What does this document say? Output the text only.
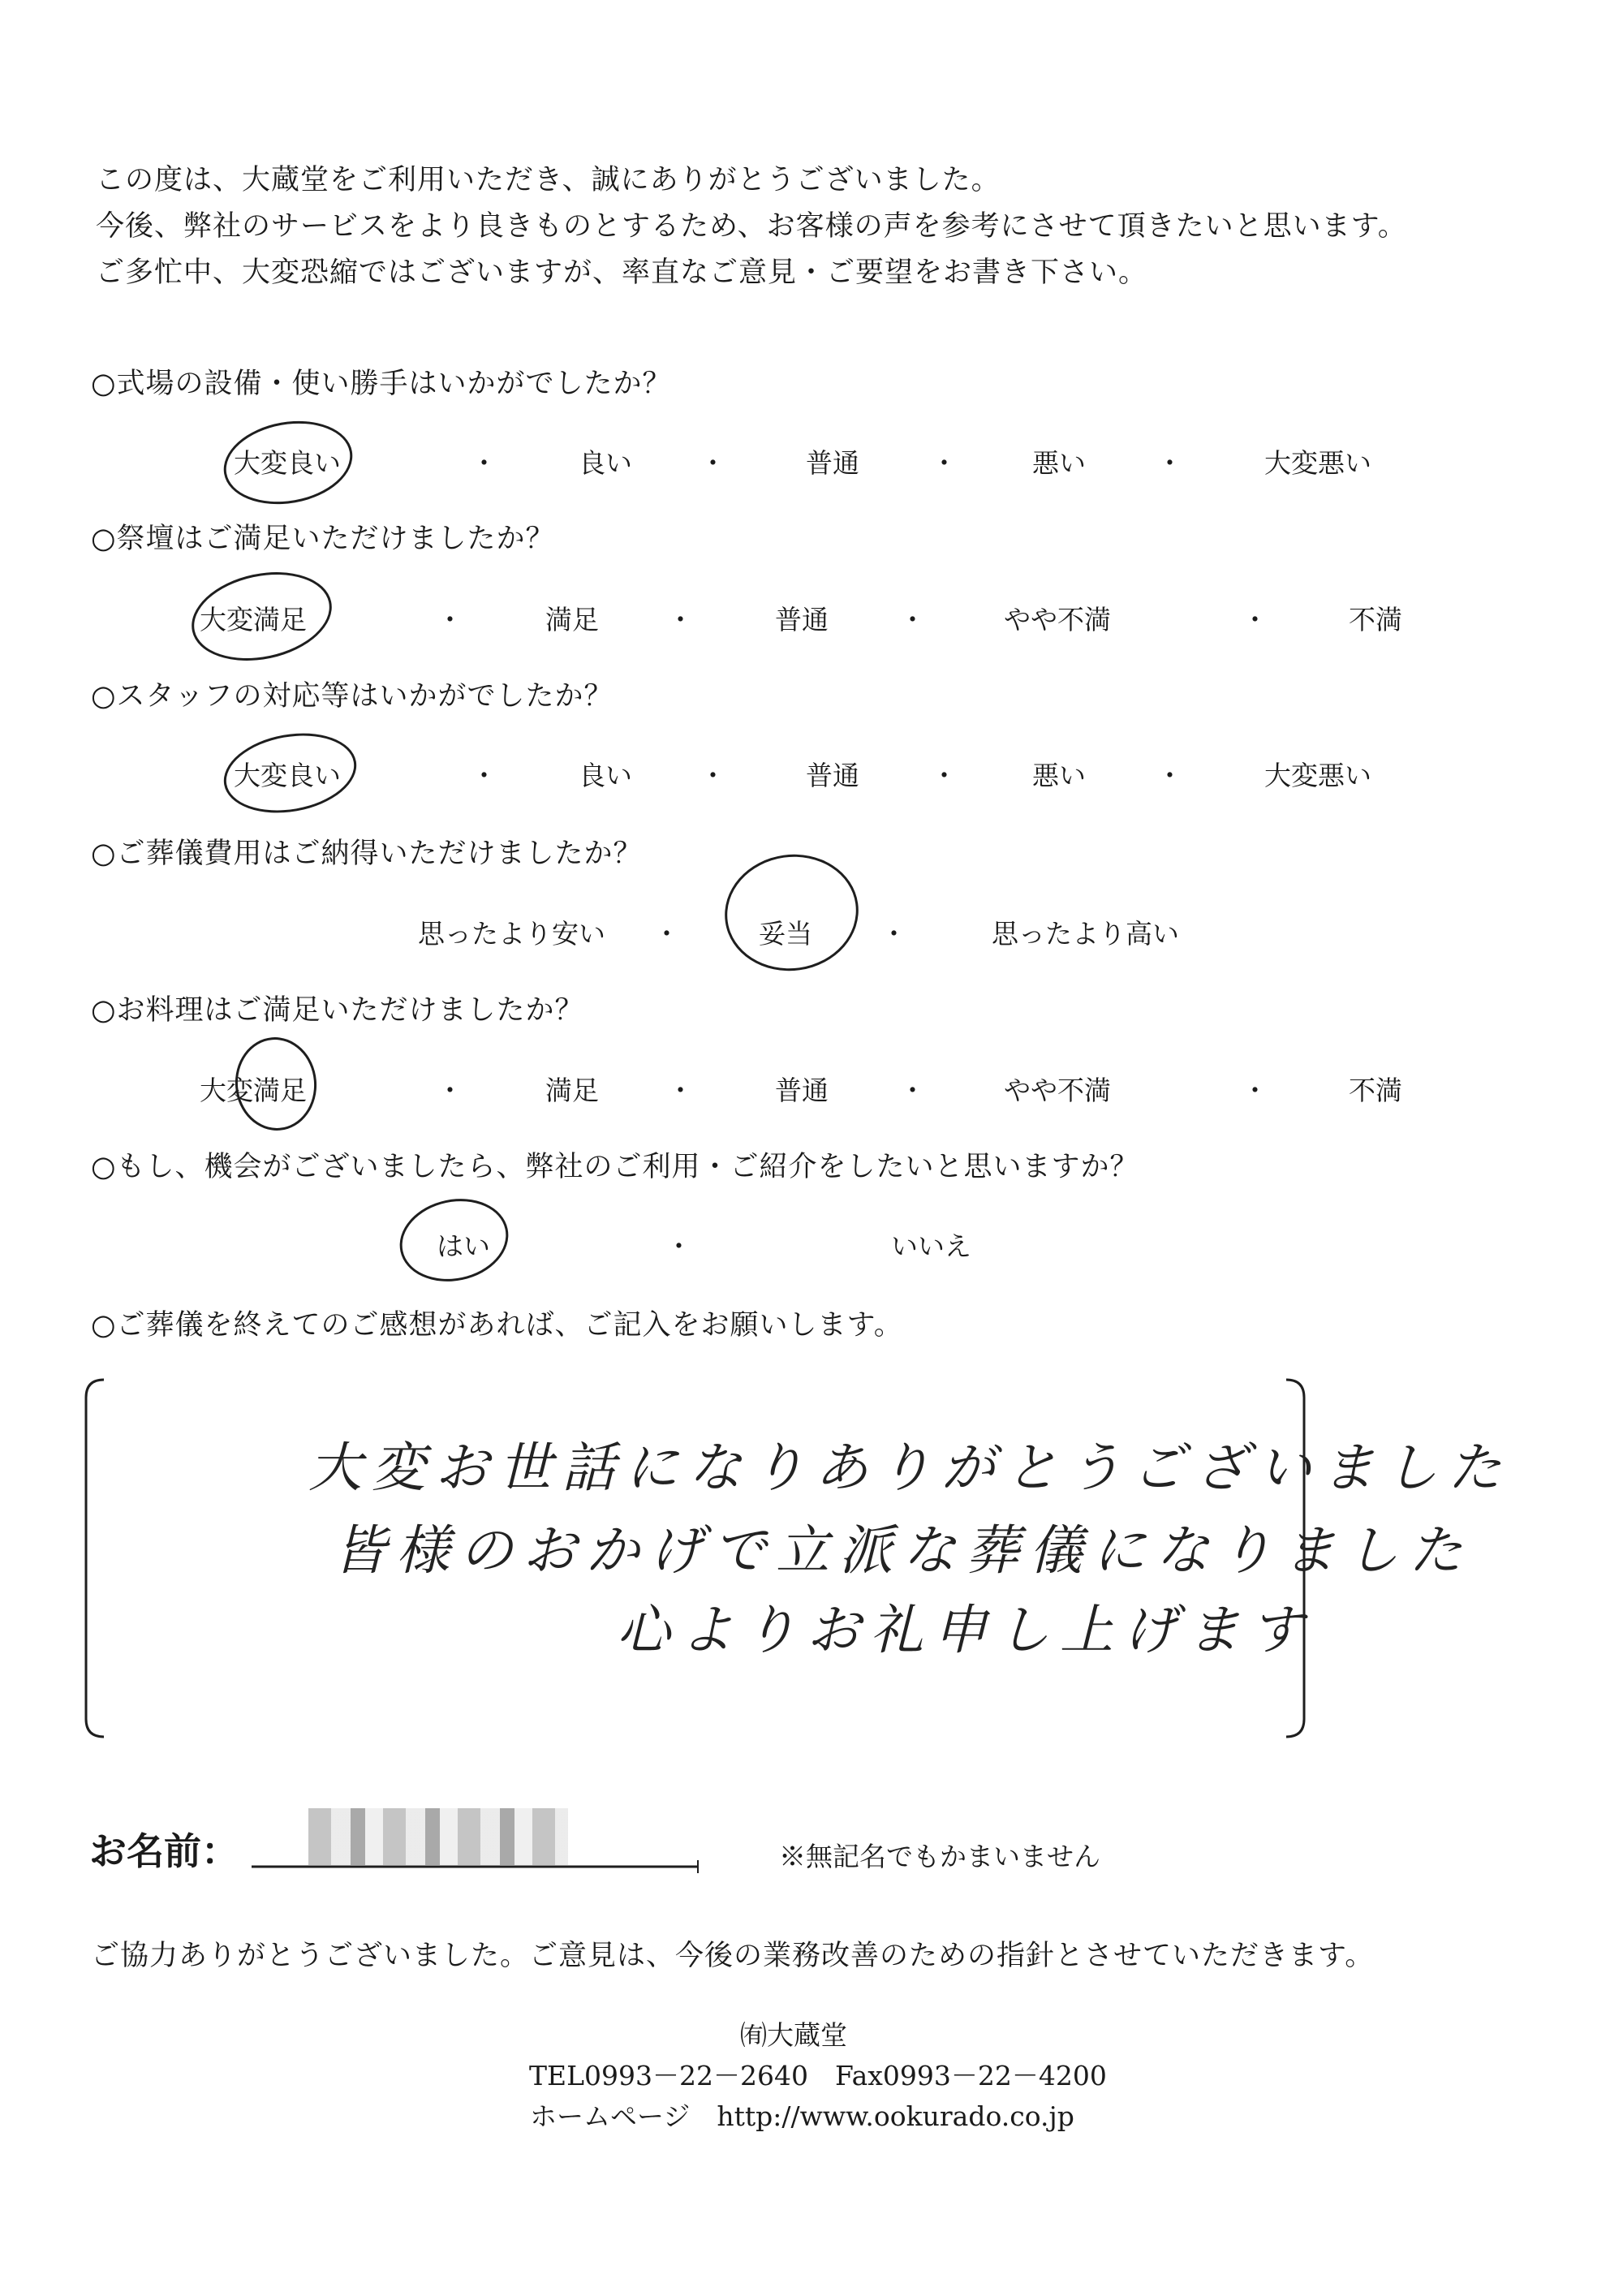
この度は、大蔵堂をご利用いただき、誠にありがとうございました。
今後、弊社のサービスをより良きものとするため、お客様の声を参考にさせて頂きたいと思います。
ご多忙中、大変恐縮ではございますが、率直なご意見・ご要望をお書き下さい。
○式場の設備・使い勝手はいかがでしたか？
大変良い	・	良い	・	普通	・	悪い	・	大変悪い
○祭壇はご満足いただけましたか？
大変満足	・	満足	・	普通	・	やや不満	・	不満
○スタッフの対応等はいかがでしたか？
大変良い	・	良い	・	普通	・	悪い	・	大変悪い
○ご葬儀費用はご納得いただけましたか？
思ったより安い ・	妥当	・	思ったより高い
○お料理はご満足いただけましたか？
大変満足	・	満足	・	普通	・	やや不満	・	不満
○もし、機会がございましたら、弊社のご利用・ご紹介をしたいと思いますか？
はい	・	いいえ
○ご葬儀を終えてのご感想があれば、ご記入をお願いします。
大変お世話になりありがとうございました
皆様のおかげで立派な葬儀になりました
心よりお礼申し上げます
お名前：	※無記名でもかまいません
ご協力ありがとうございました。ご意見は、今後の業務改善のための指針とさせていただきます。
㈲大蔵堂
TEL0993－22－2640　Fax0993－22－4200
ホームページ　http://www.ookurado.co.jp
